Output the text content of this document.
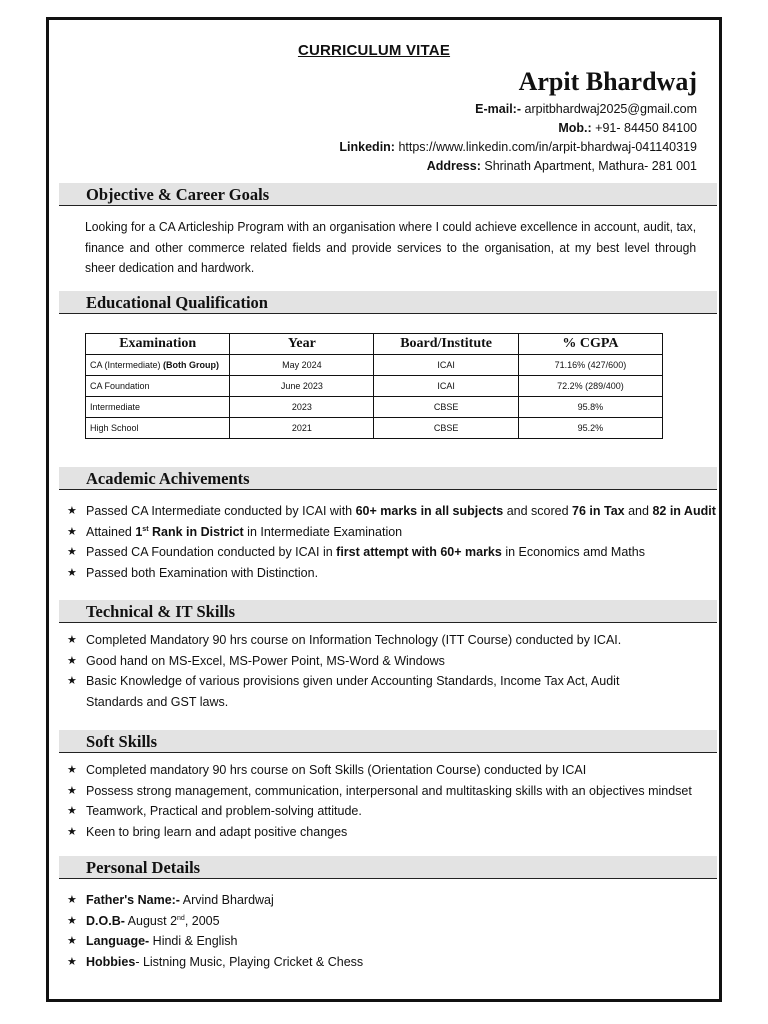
CURRICULUM VITAE
Arpit Bhardwaj
E-mail:- arpitbhardwaj2025@gmail.com
Mob.: +91- 84450 84100
Linkedin: https://www.linkedin.com/in/arpit-bhardwaj-041140319
Address: Shrinath Apartment, Mathura- 281 001
Objective & Career Goals
Looking for a CA Articleship Program with an organisation where I could achieve excellence in account, audit, tax, finance and other commerce related fields and provide services to the organisation, at my best level through sheer dedication and hardwork.
Educational Qualification
Examination	Year	Board/Institute	% CGPA
CA (Intermediate) (Both Group)	May 2024	ICAI	71.16% (427/600)
CA Foundation	June 2023	ICAI	72.2% (289/400)
Intermediate	2023	CBSE	95.8%
High School	2021	CBSE	95.2%
Academic Achivements
★ Passed CA Intermediate conducted by ICAI with 60+ marks in all subjects and scored 76 in Tax and 82 in Audit
★ Attained 1st Rank in District in Intermediate Examination
★ Passed CA Foundation conducted by ICAI in first attempt with 60+ marks in Economics amd Maths
★ Passed both Examination with Distinction.
Technical & IT Skills
★ Completed Mandatory 90 hrs course on Information Technology (ITT Course) conducted by ICAI.
★ Good hand on MS-Excel, MS-Power Point, MS-Word & Windows
★ Basic Knowledge of various provisions given under Accounting Standards, Income Tax Act, Audit Standards and GST laws.
Soft Skills
★ Completed mandatory 90 hrs course on Soft Skills (Orientation Course) conducted by ICAI
★ Possess strong management, communication, interpersonal and multitasking skills with an objectives mindset
★ Teamwork, Practical and problem-solving attitude.
★ Keen to bring learn and adapt positive changes
Personal Details
★ Father's Name:- Arvind Bhardwaj
★ D.O.B- August 2nd, 2005
★ Language- Hindi & English
★ Hobbies- Listning Music, Playing Cricket & Chess
